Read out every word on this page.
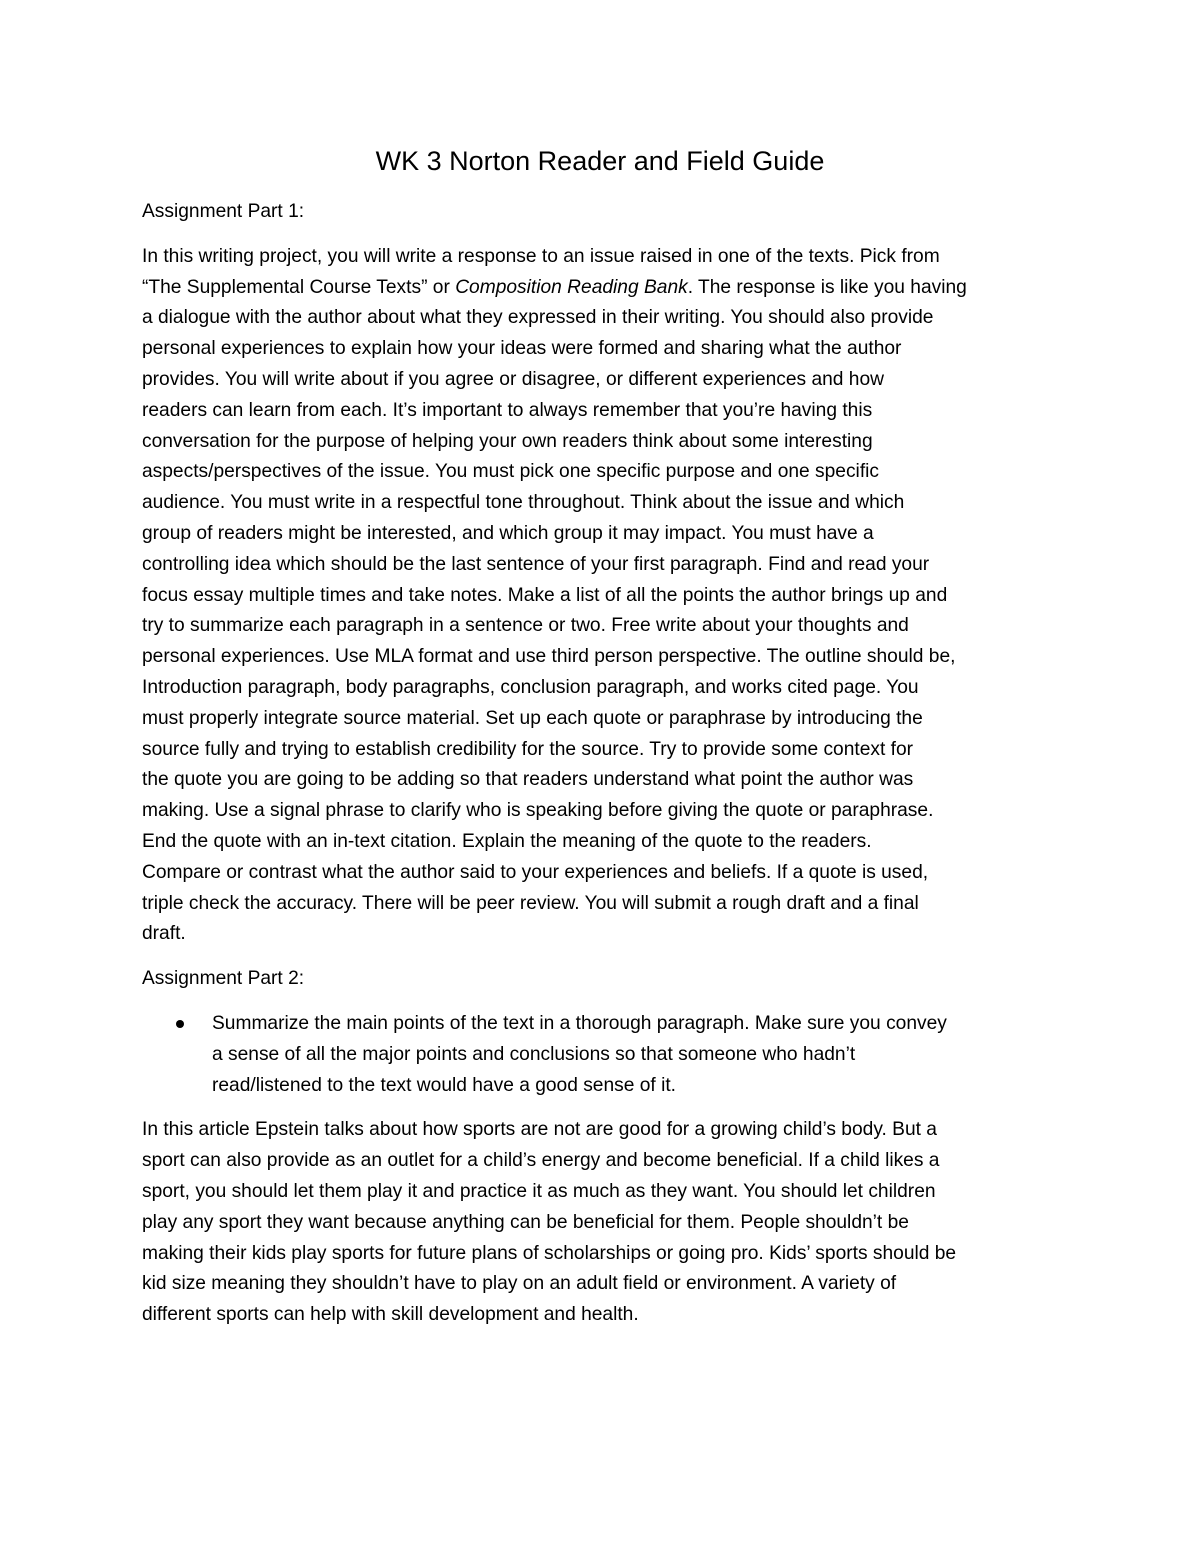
WK 3 Norton Reader and Field Guide

Assignment Part 1:

In this writing project, you will write a response to an issue raised in one of the texts. Pick from
“The Supplemental Course Texts” or Composition Reading Bank. The response is like you having
a dialogue with the author about what they expressed in their writing. You should also provide
personal experiences to explain how your ideas were formed and sharing what the author
provides. You will write about if you agree or disagree, or different experiences and how
readers can learn from each. It’s important to always remember that you’re having this
conversation for the purpose of helping your own readers think about some interesting
aspects/perspectives of the issue. You must pick one specific purpose and one specific
audience. You must write in a respectful tone throughout. Think about the issue and which
group of readers might be interested, and which group it may impact. You must have a
controlling idea which should be the last sentence of your first paragraph. Find and read your
focus essay multiple times and take notes. Make a list of all the points the author brings up and
try to summarize each paragraph in a sentence or two. Free write about your thoughts and
personal experiences. Use MLA format and use third person perspective. The outline should be,
Introduction paragraph, body paragraphs, conclusion paragraph, and works cited page. You
must properly integrate source material. Set up each quote or paraphrase by introducing the
source fully and trying to establish credibility for the source. Try to provide some context for
the quote you are going to be adding so that readers understand what point the author was
making. Use a signal phrase to clarify who is speaking before giving the quote or paraphrase.
End the quote with an in-text citation. Explain the meaning of the quote to the readers.
Compare or contrast what the author said to your experiences and beliefs. If a quote is used,
triple check the accuracy. There will be peer review. You will submit a rough draft and a final
draft.

Assignment Part 2:

Summarize the main points of the text in a thorough paragraph. Make sure you convey
a sense of all the major points and conclusions so that someone who hadn’t
read/listened to the text would have a good sense of it.

In this article Epstein talks about how sports are not are good for a growing child’s body. But a
sport can also provide as an outlet for a child’s energy and become beneficial. If a child likes a
sport, you should let them play it and practice it as much as they want. You should let children
play any sport they want because anything can be beneficial for them. People shouldn’t be
making their kids play sports for future plans of scholarships or going pro. Kids’ sports should be
kid size meaning they shouldn’t have to play on an adult field or environment. A variety of
different sports can help with skill development and health.
